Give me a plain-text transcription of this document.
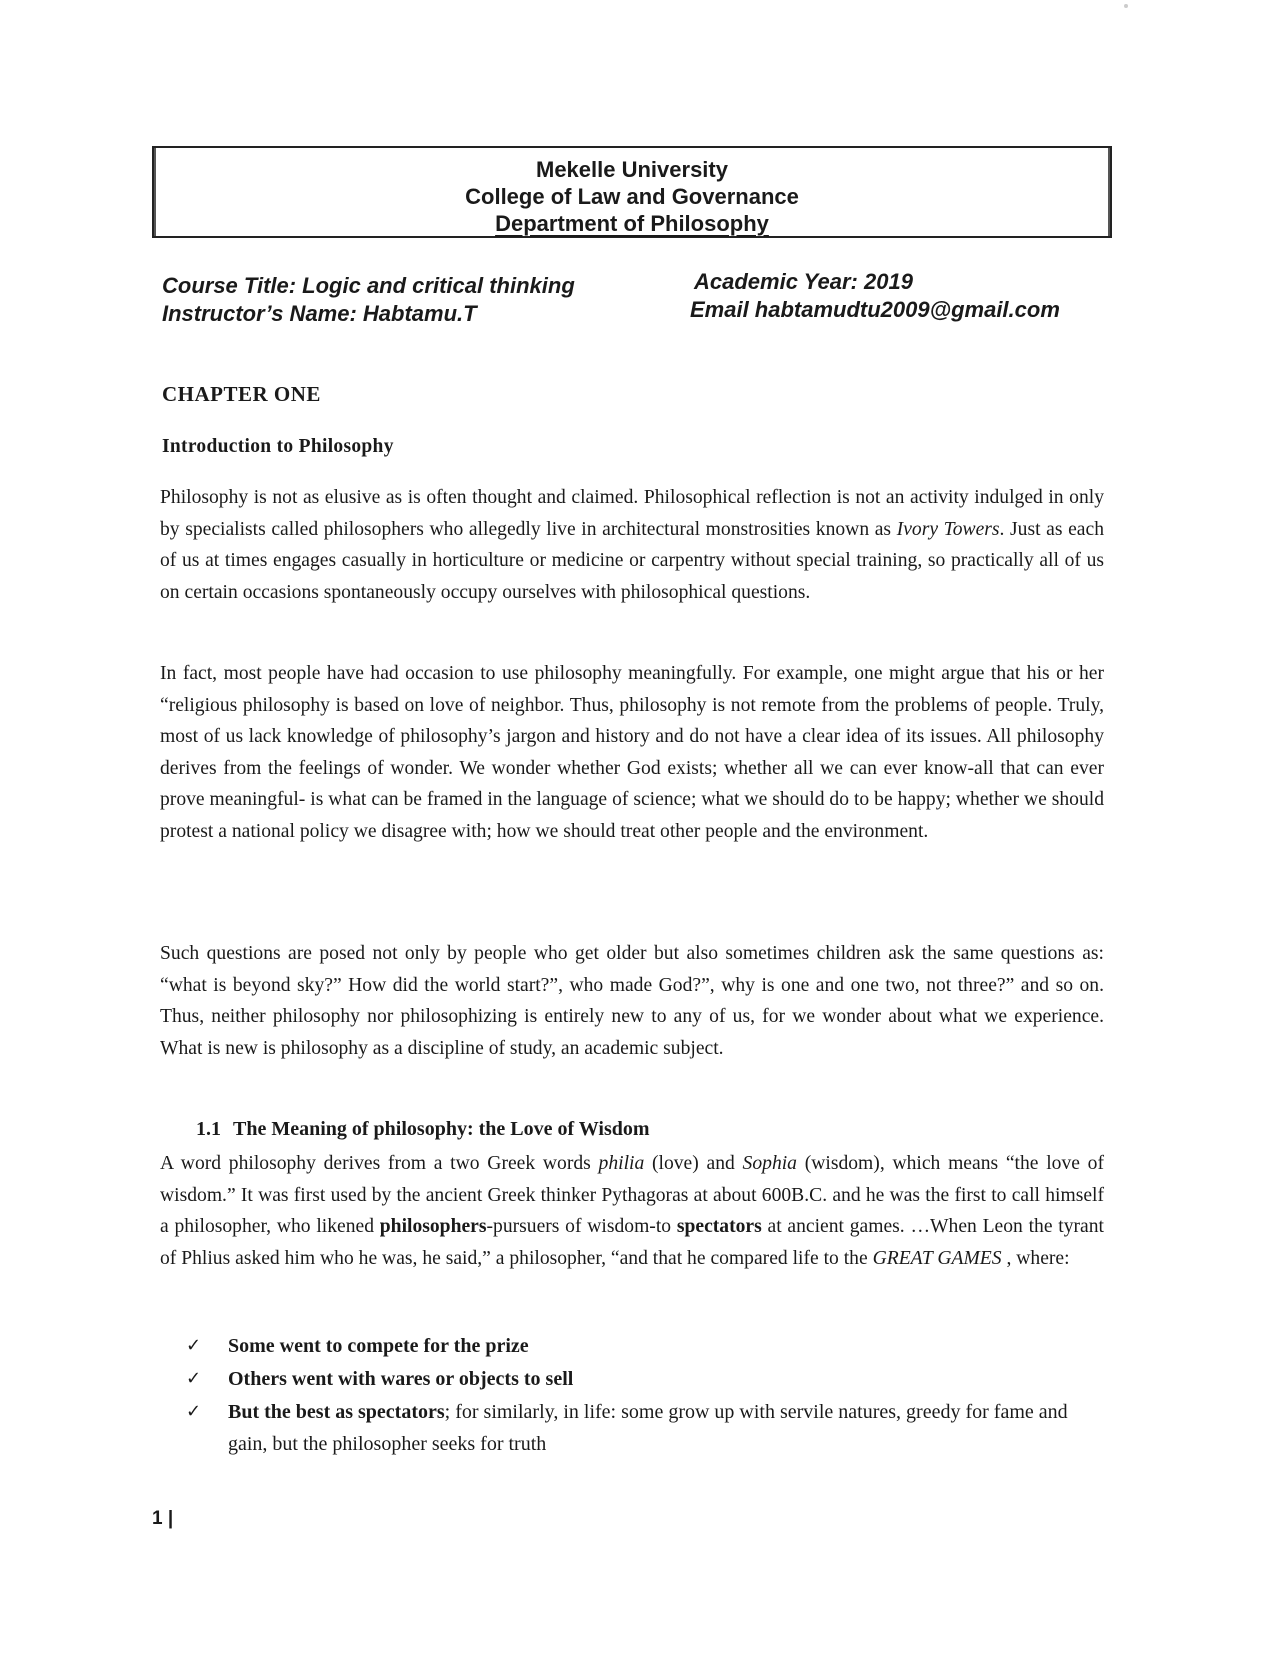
Mekelle University
College of Law and Governance
Department of Philosophy
Course Title: Logic and critical thinking
Instructor’s Name: Habtamu.T
Academic Year: 2019
Email habtamudtu2009@gmail.com
CHAPTER ONE
Introduction to Philosophy
Philosophy is not as elusive as is often thought and claimed. Philosophical reflection is not an activity indulged in only by specialists called philosophers who allegedly live in architectural monstrosities known as Ivory Towers. Just as each of us at times engages casually in horticulture or medicine or carpentry without special training, so practically all of us on certain occasions spontaneously occupy ourselves with philosophical questions.
In fact, most people have had occasion to use philosophy meaningfully. For example, one might argue that his or her “religious philosophy is based on love of neighbor. Thus, philosophy is not remote from the problems of people. Truly, most of us lack knowledge of philosophy’s jargon and history and do not have a clear idea of its issues. All philosophy derives from the feelings of wonder. We wonder whether God exists; whether all we can ever know-all that can ever prove meaningful- is what can be framed in the language of science; what we should do to be happy; whether we should protest a national policy we disagree with; how we should treat other people and the environment.
Such questions are posed not only by people who get older but also sometimes children ask the same questions as: “what is beyond sky?” How did the world start?”, who made God?”, why is one and one two, not three?” and so on. Thus, neither philosophy nor philosophizing is entirely new to any of us, for we wonder about what we experience. What is new is philosophy as a discipline of study, an academic subject.
1.1 The Meaning of philosophy: the Love of Wisdom
A word philosophy derives from a two Greek words philia (love) and Sophia (wisdom), which means “the love of wisdom.” It was first used by the ancient Greek thinker Pythagoras at about 600B.C. and he was the first to call himself a philosopher, who likened philosophers-pursuers of wisdom-to spectators at ancient games. …When Leon the tyrant of Phlius asked him who he was, he said,” a philosopher, “and that he compared life to the GREAT GAMES , where:
✓ Some went to compete for the prize
✓ Others went with wares or objects to sell
✓ But the best as spectators; for similarly, in life: some grow up with servile natures, greedy for fame and gain, but the philosopher seeks for truth
1 |
